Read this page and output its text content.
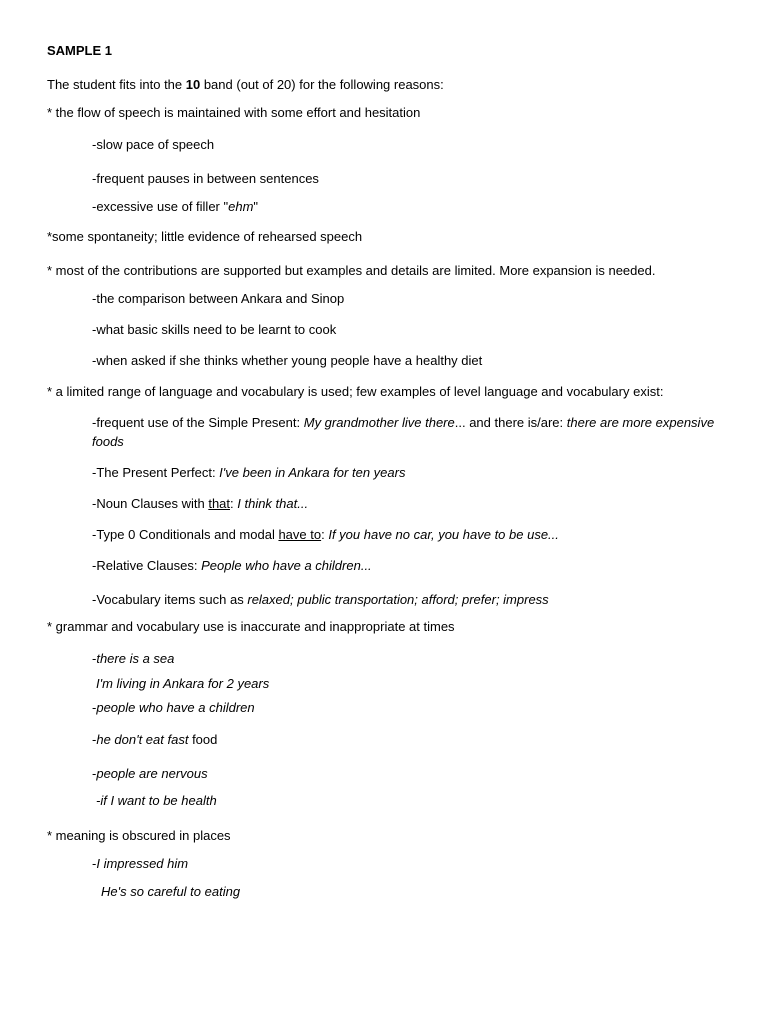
SAMPLE 1
The student fits into the 10 band (out of 20) for the following reasons:
* the flow of speech is maintained with some effort and hesitation
-slow pace of speech
-frequent pauses in between sentences
-excessive use of filler "ehm"
*some spontaneity; little evidence of rehearsed speech
* most of the contributions are supported but examples and details are limited. More expansion is needed.
-the comparison between Ankara and Sinop
-what basic skills need to be learnt to cook
-when asked if she thinks whether young people have a healthy diet
* a limited range of language and vocabulary is used; few examples of level language and vocabulary exist:
-frequent use of the Simple Present: My grandmother live there... and there is/are: there are more expensive
foods
-The Present Perfect: I've been in Ankara for ten years
-Noun Clauses with that: I think that...
-Type 0 Conditionals and modal have to: If you have no car, you have to be use...
-Relative Clauses: People who have a children...
-Vocabulary items such as relaxed; public transportation; afford; prefer; impress
* grammar and vocabulary use is inaccurate and inappropriate at times
-there is a sea
I'm living in Ankara for 2 years
-people who have a children
-he don't eat fast food
-people are nervous
-if I want to be health
* meaning is obscured in places
-I impressed him
He's so careful to eating
